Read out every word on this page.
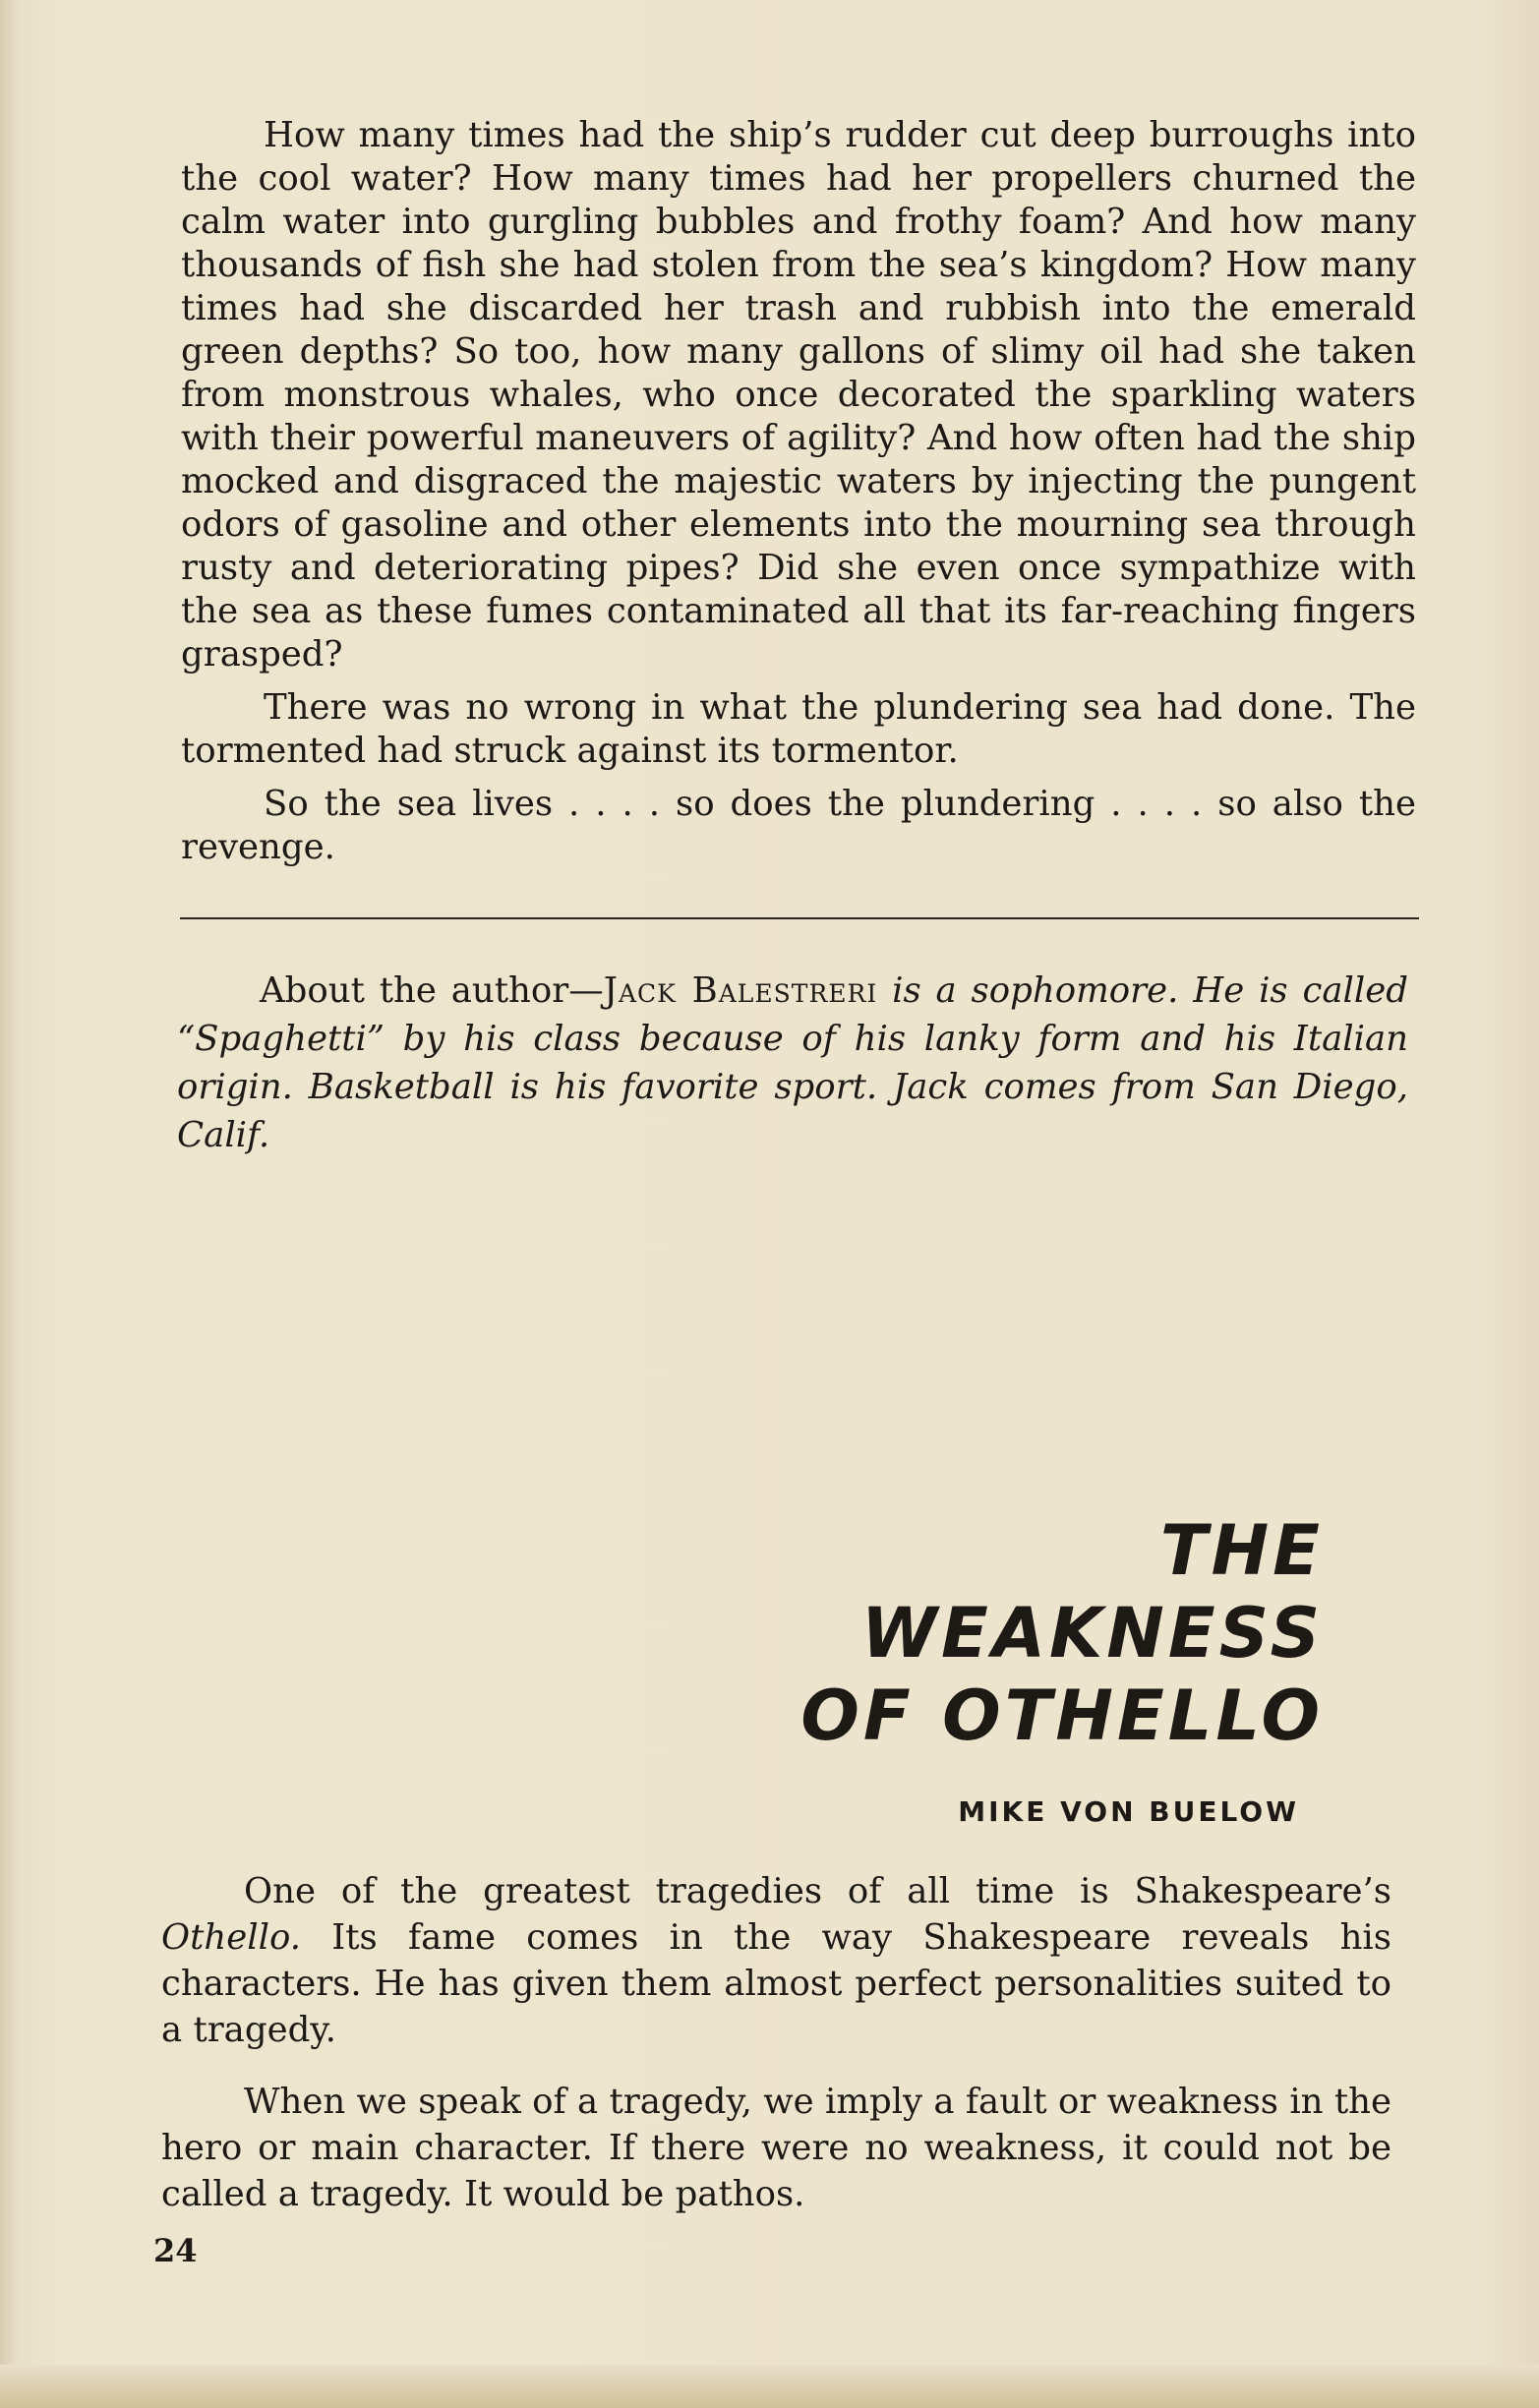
How many times had the ship’s rudder cut deep burroughs into the cool water? How many times had her propellers churned the calm water into gurgling bubbles and frothy foam? And how many thousands of fish she had stolen from the sea’s kingdom? How many times had she discarded her trash and rubbish into the emerald green depths? So too, how many gallons of slimy oil had she taken from monstrous whales, who once decorated the sparkling waters with their powerful maneuvers of agility? And how often had the ship mocked and disgraced the majestic waters by injecting the pungent odors of gasoline and other elements into the mourning sea through rusty and deteriorating pipes? Did she even once sympathize with the sea as these fumes contaminated all that its far-reaching fingers grasped?

There was no wrong in what the plundering sea had done. The tormented had struck against its tormentor.

So the sea lives . . . . so does the plundering . . . . so also the revenge.

About the author—Jack Balestreri is a sophomore. He is called “Spaghetti” by his class because of his lanky form and his Italian origin. Basketball is his favorite sport. Jack comes from San Diego, Calif.

THE
WEAKNESS
OF OTHELLO
MIKE VON BUELOW

One of the greatest tragedies of all time is Shakespeare’s Othello. Its fame comes in the way Shakespeare reveals his characters. He has given them almost perfect personalities suited to a tragedy.

When we speak of a tragedy, we imply a fault or weakness in the hero or main character. If there were no weakness, it could not be called a tragedy. It would be pathos.

24
